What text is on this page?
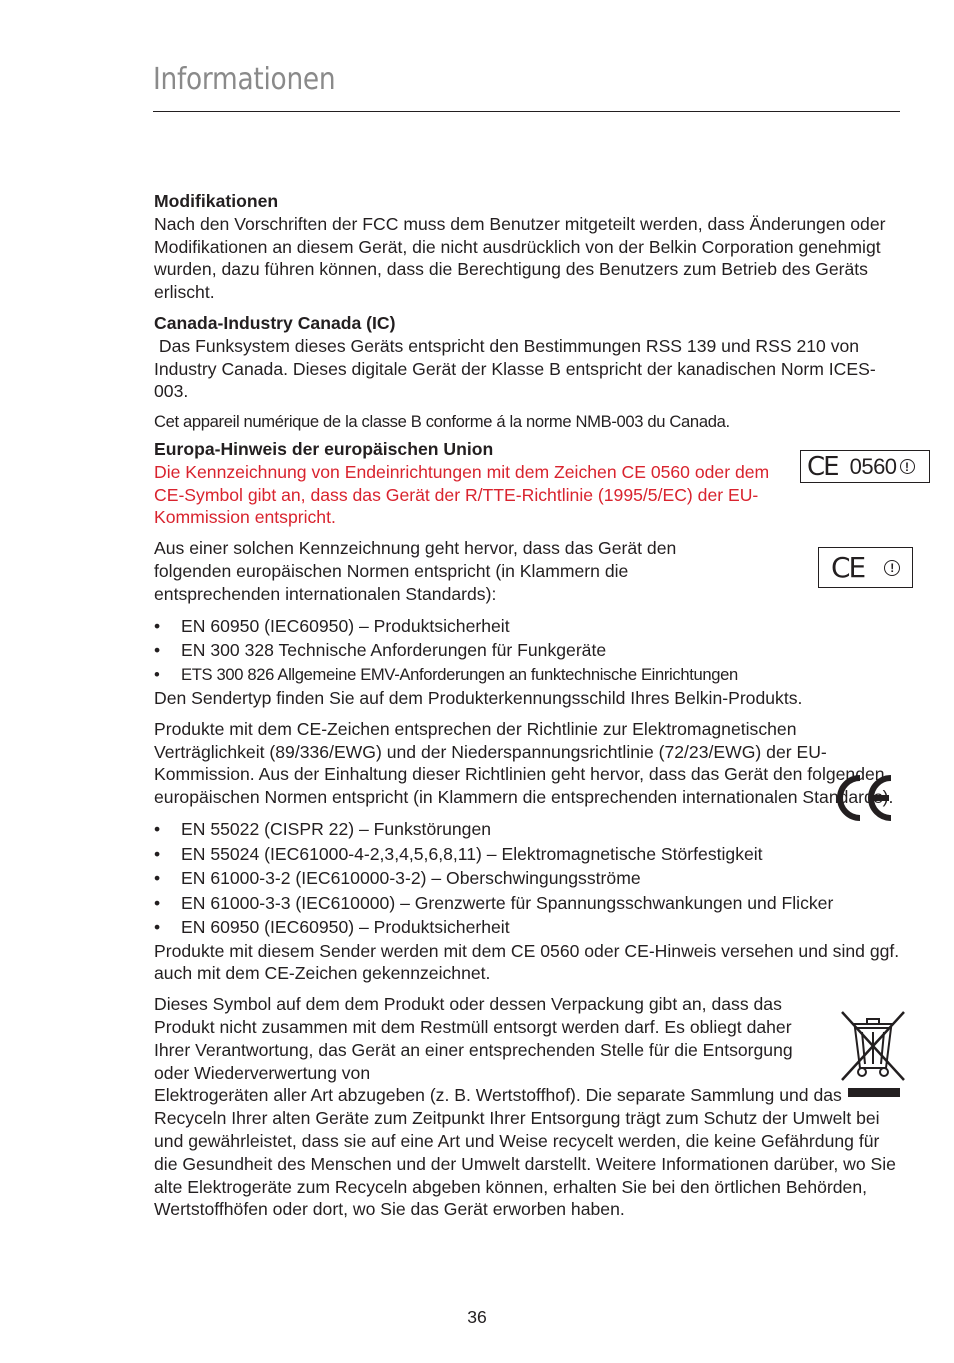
Informationen

Modifikationen

Nach den Vorschriften der FCC muss dem Benutzer mitgeteilt werden, dass Änderungen oder Modifikationen an diesem Gerät, die nicht ausdrücklich von der Belkin Corporation genehmigt wurden, dazu führen können, dass die Berechtigung des Benutzers zum Betrieb des Geräts erlischt.

Canada-Industry Canada (IC)

Das Funksystem dieses Geräts entspricht den Bestimmungen RSS 139 und RSS 210 von Industry Canada. Dieses digitale Gerät der Klasse B entspricht der kanadischen Norm ICES-003.

Cet appareil numérique de la classe B conforme á la norme NMB-003 du Canada.

Europa-Hinweis der europäischen Union

Die Kennzeichnung von Endeinrichtungen mit dem Zeichen CE 0560 oder dem CE-Symbol gibt an, dass das Gerät der R/TTE-Richtlinie (1995/5/EC) der EU-Kommission entspricht.

Aus einer solchen Kennzeichnung geht hervor, dass das Gerät den folgenden europäischen Normen entspricht (in Klammern die entsprechenden internationalen Standards):

• EN 60950 (IEC60950) – Produktsicherheit
• EN 300 328 Technische Anforderungen für Funkgeräte
• ETS 300 826 Allgemeine EMV-Anforderungen an funktechnische Einrichtungen

Den Sendertyp finden Sie auf dem Produkterkennungsschild Ihres Belkin-Produkts.

Produkte mit dem CE-Zeichen entsprechen der Richtlinie zur Elektromagnetischen Verträglichkeit (89/336/EWG) und der Niederspannungsrichtlinie (72/23/EWG) der EU-Kommission. Aus der Einhaltung dieser Richtlinien geht hervor, dass das Gerät den folgenden europäischen Normen entspricht (in Klammern die entsprechenden internationalen Standards).

• EN 55022 (CISPR 22) – Funkstörungen
• EN 55024 (IEC61000-4-2,3,4,5,6,8,11) – Elektromagnetische Störfestigkeit
• EN 61000-3-2 (IEC610000-3-2) – Oberschwingungsströme
• EN 61000-3-3 (IEC610000) – Grenzwerte für Spannungsschwankungen und Flicker
• EN 60950 (IEC60950) – Produktsicherheit

Produkte mit diesem Sender werden mit dem CE 0560 oder CE-Hinweis versehen und sind ggf. auch mit dem CE-Zeichen gekennzeichnet.

Dieses Symbol auf dem dem Produkt oder dessen Verpackung gibt an, dass das Produkt nicht zusammen mit dem Restmüll entsorgt werden darf. Es obliegt daher Ihrer Verantwortung, das Gerät an einer entsprechenden Stelle für die Entsorgung oder Wiederverwertung von

Elektrogeräten aller Art abzugeben (z. B. Wertstoffhof). Die separate Sammlung und das Recyceln Ihrer alten Geräte zum Zeitpunkt Ihrer Entsorgung trägt zum Schutz der Umwelt bei und gewährleistet, dass sie auf eine Art und Weise recycelt werden, die keine Gefährdung für die Gesundheit des Menschen und der Umwelt darstellt. Weitere Informationen darüber, wo Sie alte Elektrogeräte zum Recyceln abgeben können, erhalten Sie bei den örtlichen Behörden, Wertstoffhöfen oder dort, wo Sie das Gerät erworben haben.

CE 0560 !
CE	!
36
